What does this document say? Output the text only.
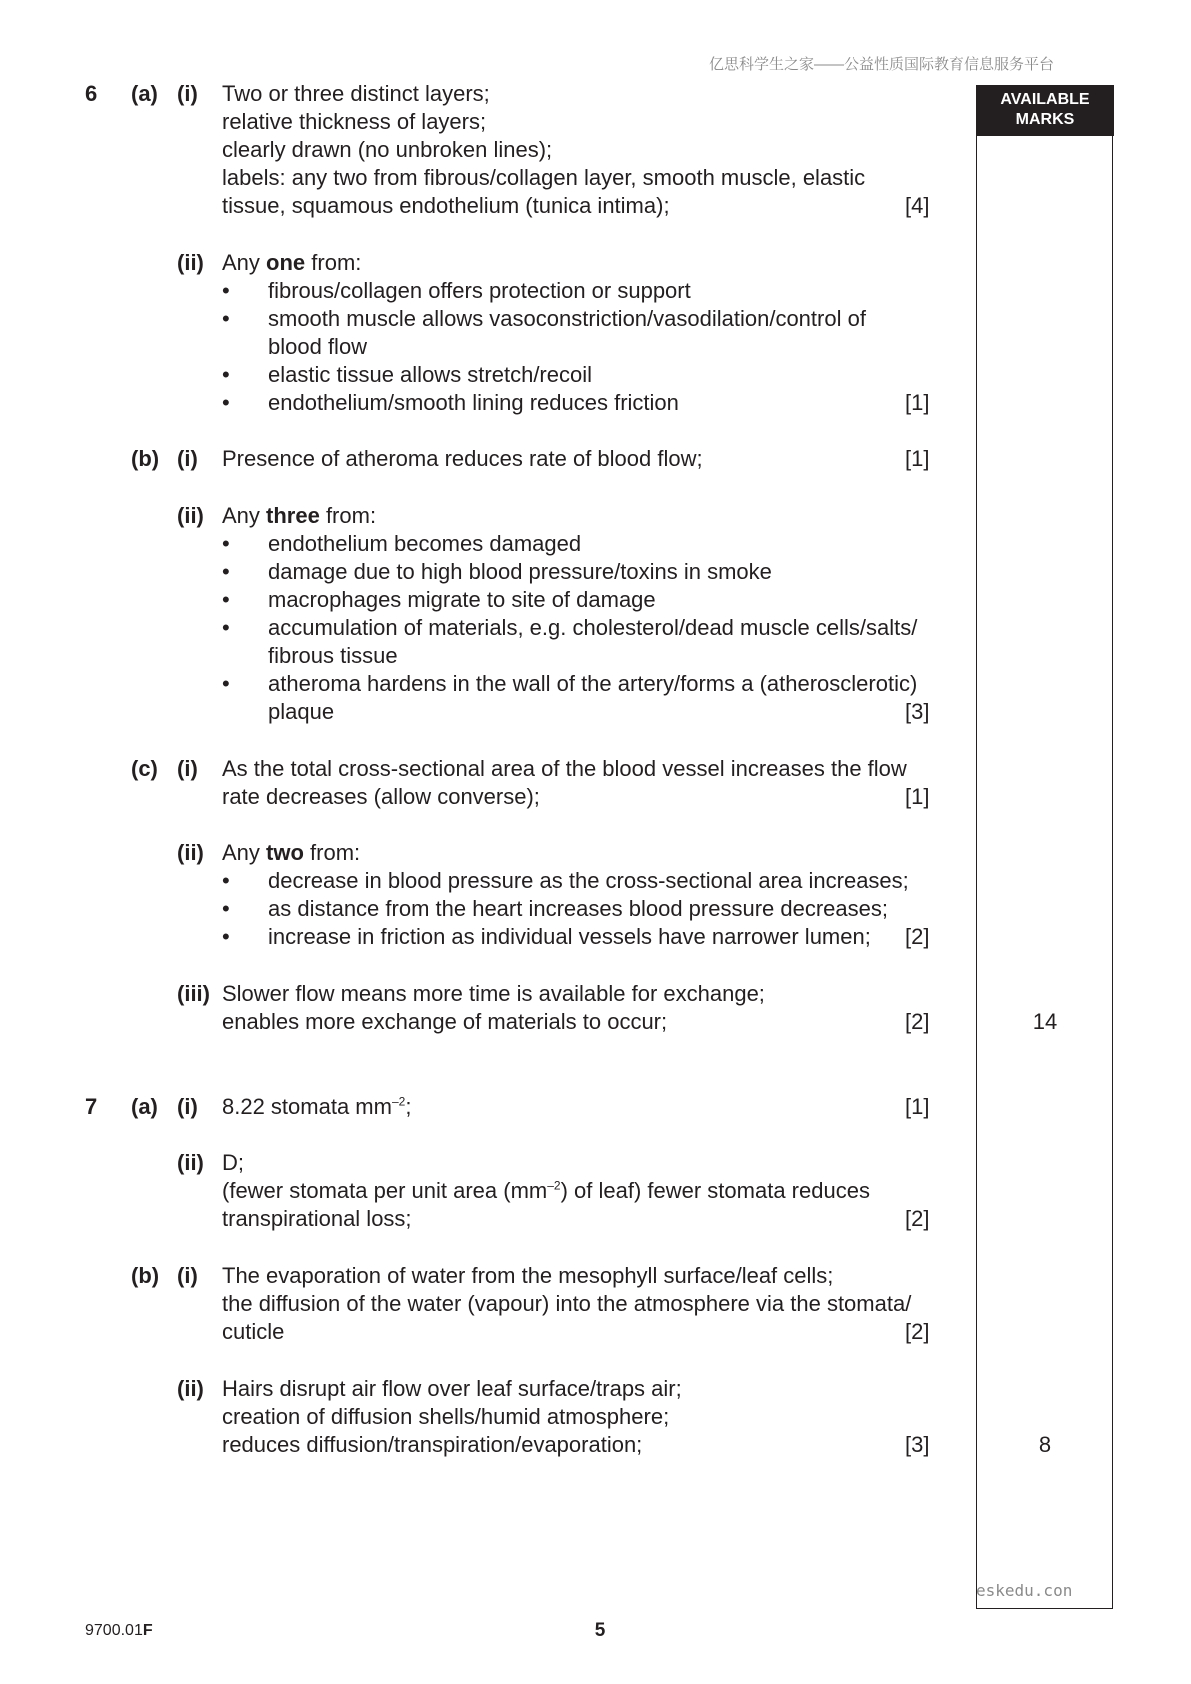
亿思科学生之家——公益性质国际教育信息服务平台
AVAILABLE MARKS
eskedu.con
6 (a) (i) Two or three distinct layers;
relative thickness of layers;
clearly drawn (no unbroken lines);
labels: any two from fibrous/collagen layer, smooth muscle, elastic
tissue, squamous endothelium (tunica intima);	[4]
(ii) Any one from:
• fibrous/collagen offers protection or support
• smooth muscle allows vasoconstriction/vasodilation/control of
blood flow
• elastic tissue allows stretch/recoil
• endothelium/smooth lining reduces friction	[1]
(b) (i) Presence of atheroma reduces rate of blood flow;	[1]
(ii) Any three from:
• endothelium becomes damaged
• damage due to high blood pressure/toxins in smoke
• macrophages migrate to site of damage
• accumulation of materials, e.g. cholesterol/dead muscle cells/salts/
fibrous tissue
• atheroma hardens in the wall of the artery/forms a (atherosclerotic)
plaque	[3]
(c) (i) As the total cross-sectional area of the blood vessel increases the flow
rate decreases (allow converse);	[1]
(ii) Any two from:
• decrease in blood pressure as the cross-sectional area increases;
• as distance from the heart increases blood pressure decreases;
• increase in friction as individual vessels have narrower lumen; [2]
(iii) Slower flow means more time is available for exchange;
enables more exchange of materials to occur;	[2]	14
7 (a) (i) 8.22 stomata $mm^{-2}$;	[1]
(ii) D;
(fewer stomata per unit area $(mm^{-2})$ of leaf) fewer stomata reduces
transpirational loss;	[2]
(b) (i) The evaporation of water from the mesophyll surface/leaf cells;
the diffusion of the water (vapour) into the atmosphere via the stomata/
cuticle	[2]
(ii) Hairs disrupt air flow over leaf surface/traps air;
creation of diffusion shells/humid atmosphere;
reduces diffusion/transpiration/evaporation;	[3]	8
9700.01F	5
